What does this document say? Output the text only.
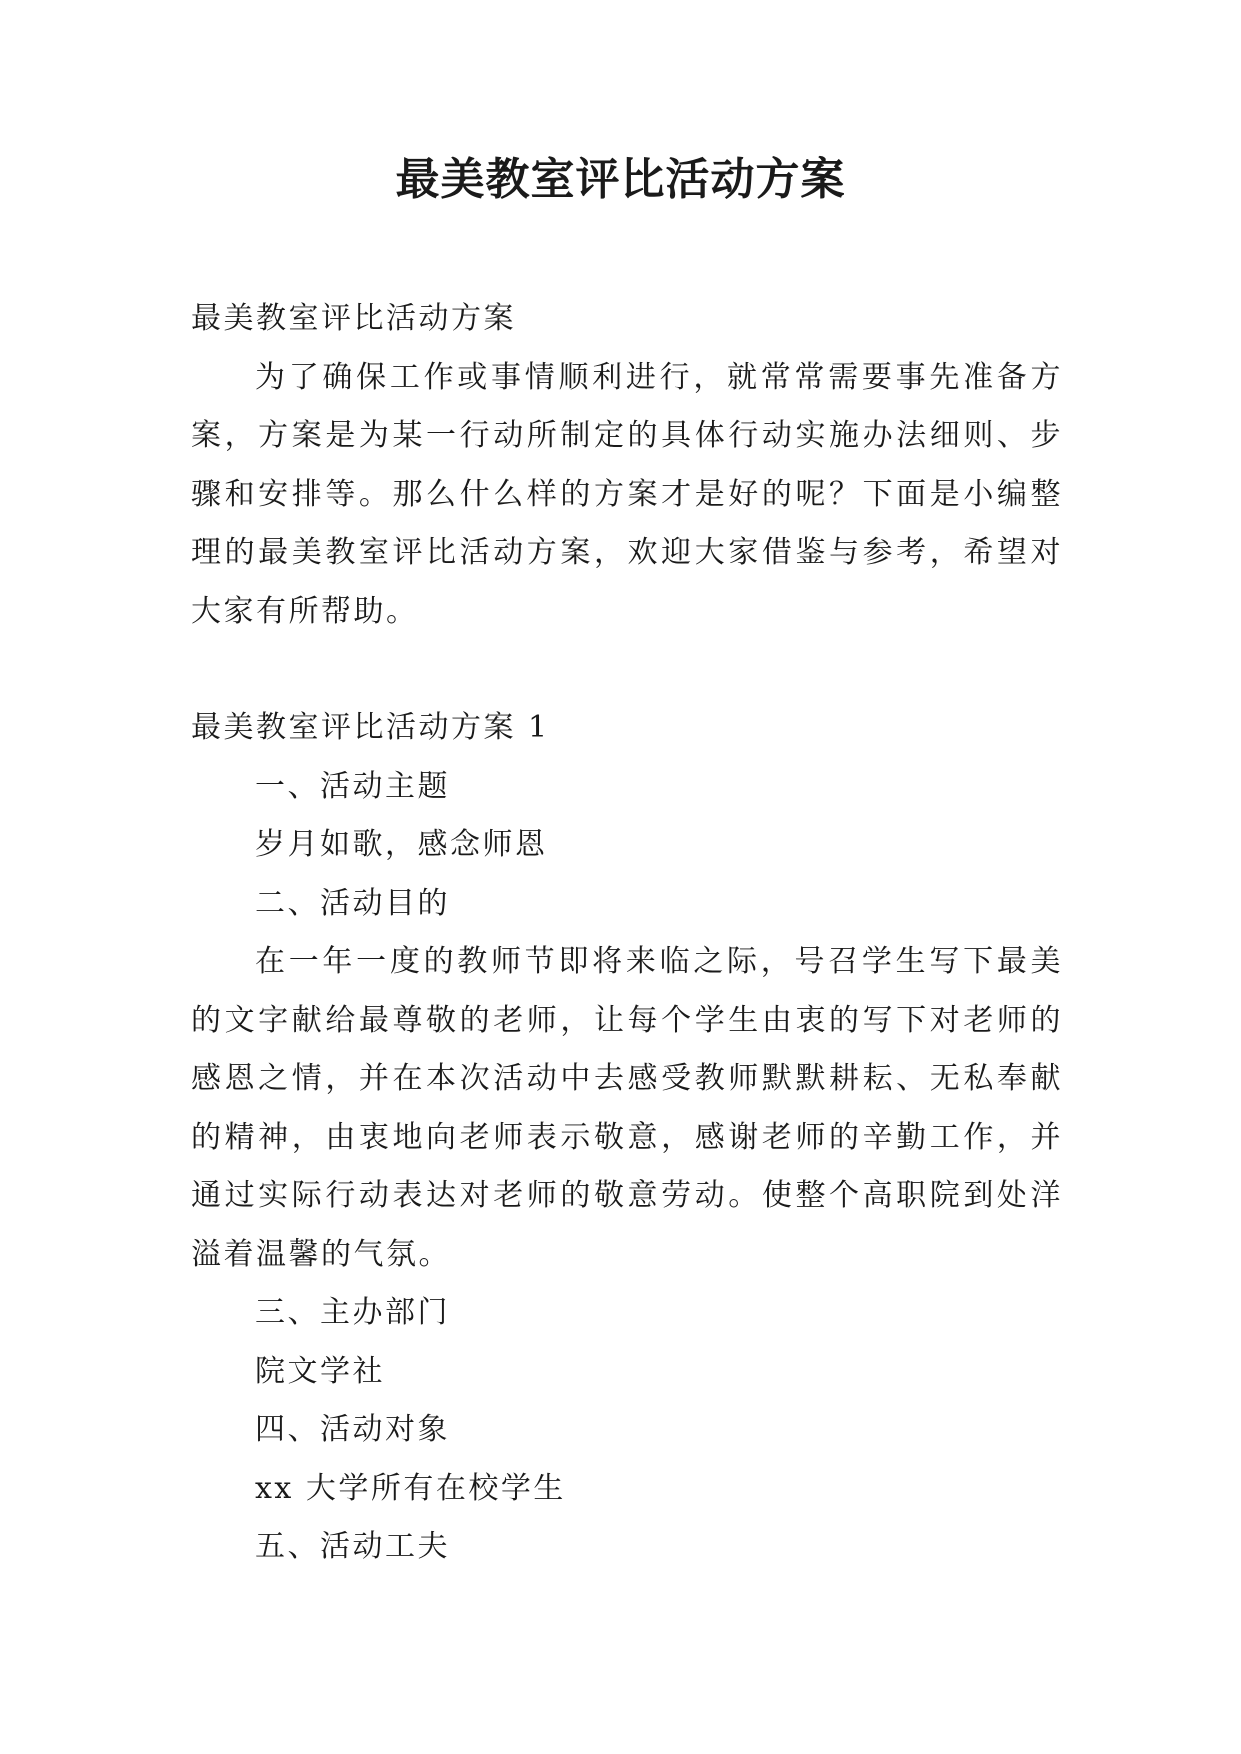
最美教室评比活动方案

最美教室评比活动方案

为了确保工作或事情顺利进行，就常常需要事先准备方案，方案是为某一行动所制定的具体行动实施办法细则、步骤和安排等。那么什么样的方案才是好的呢？下面是小编整理的最美教室评比活动方案，欢迎大家借鉴与参考，希望对大家有所帮助。

最美教室评比活动方案 1

一、活动主题

岁月如歌，感念师恩

二、活动目的

在一年一度的教师节即将来临之际，号召学生写下最美的文字献给最尊敬的老师，让每个学生由衷的写下对老师的感恩之情，并在本次活动中去感受教师默默耕耘、无私奉献的精神，由衷地向老师表示敬意，感谢老师的辛勤工作，并通过实际行动表达对老师的敬意劳动。使整个高职院到处洋溢着温馨的气氛。

三、主办部门

院文学社

四、活动对象

xx 大学所有在校学生

五、活动工夫
